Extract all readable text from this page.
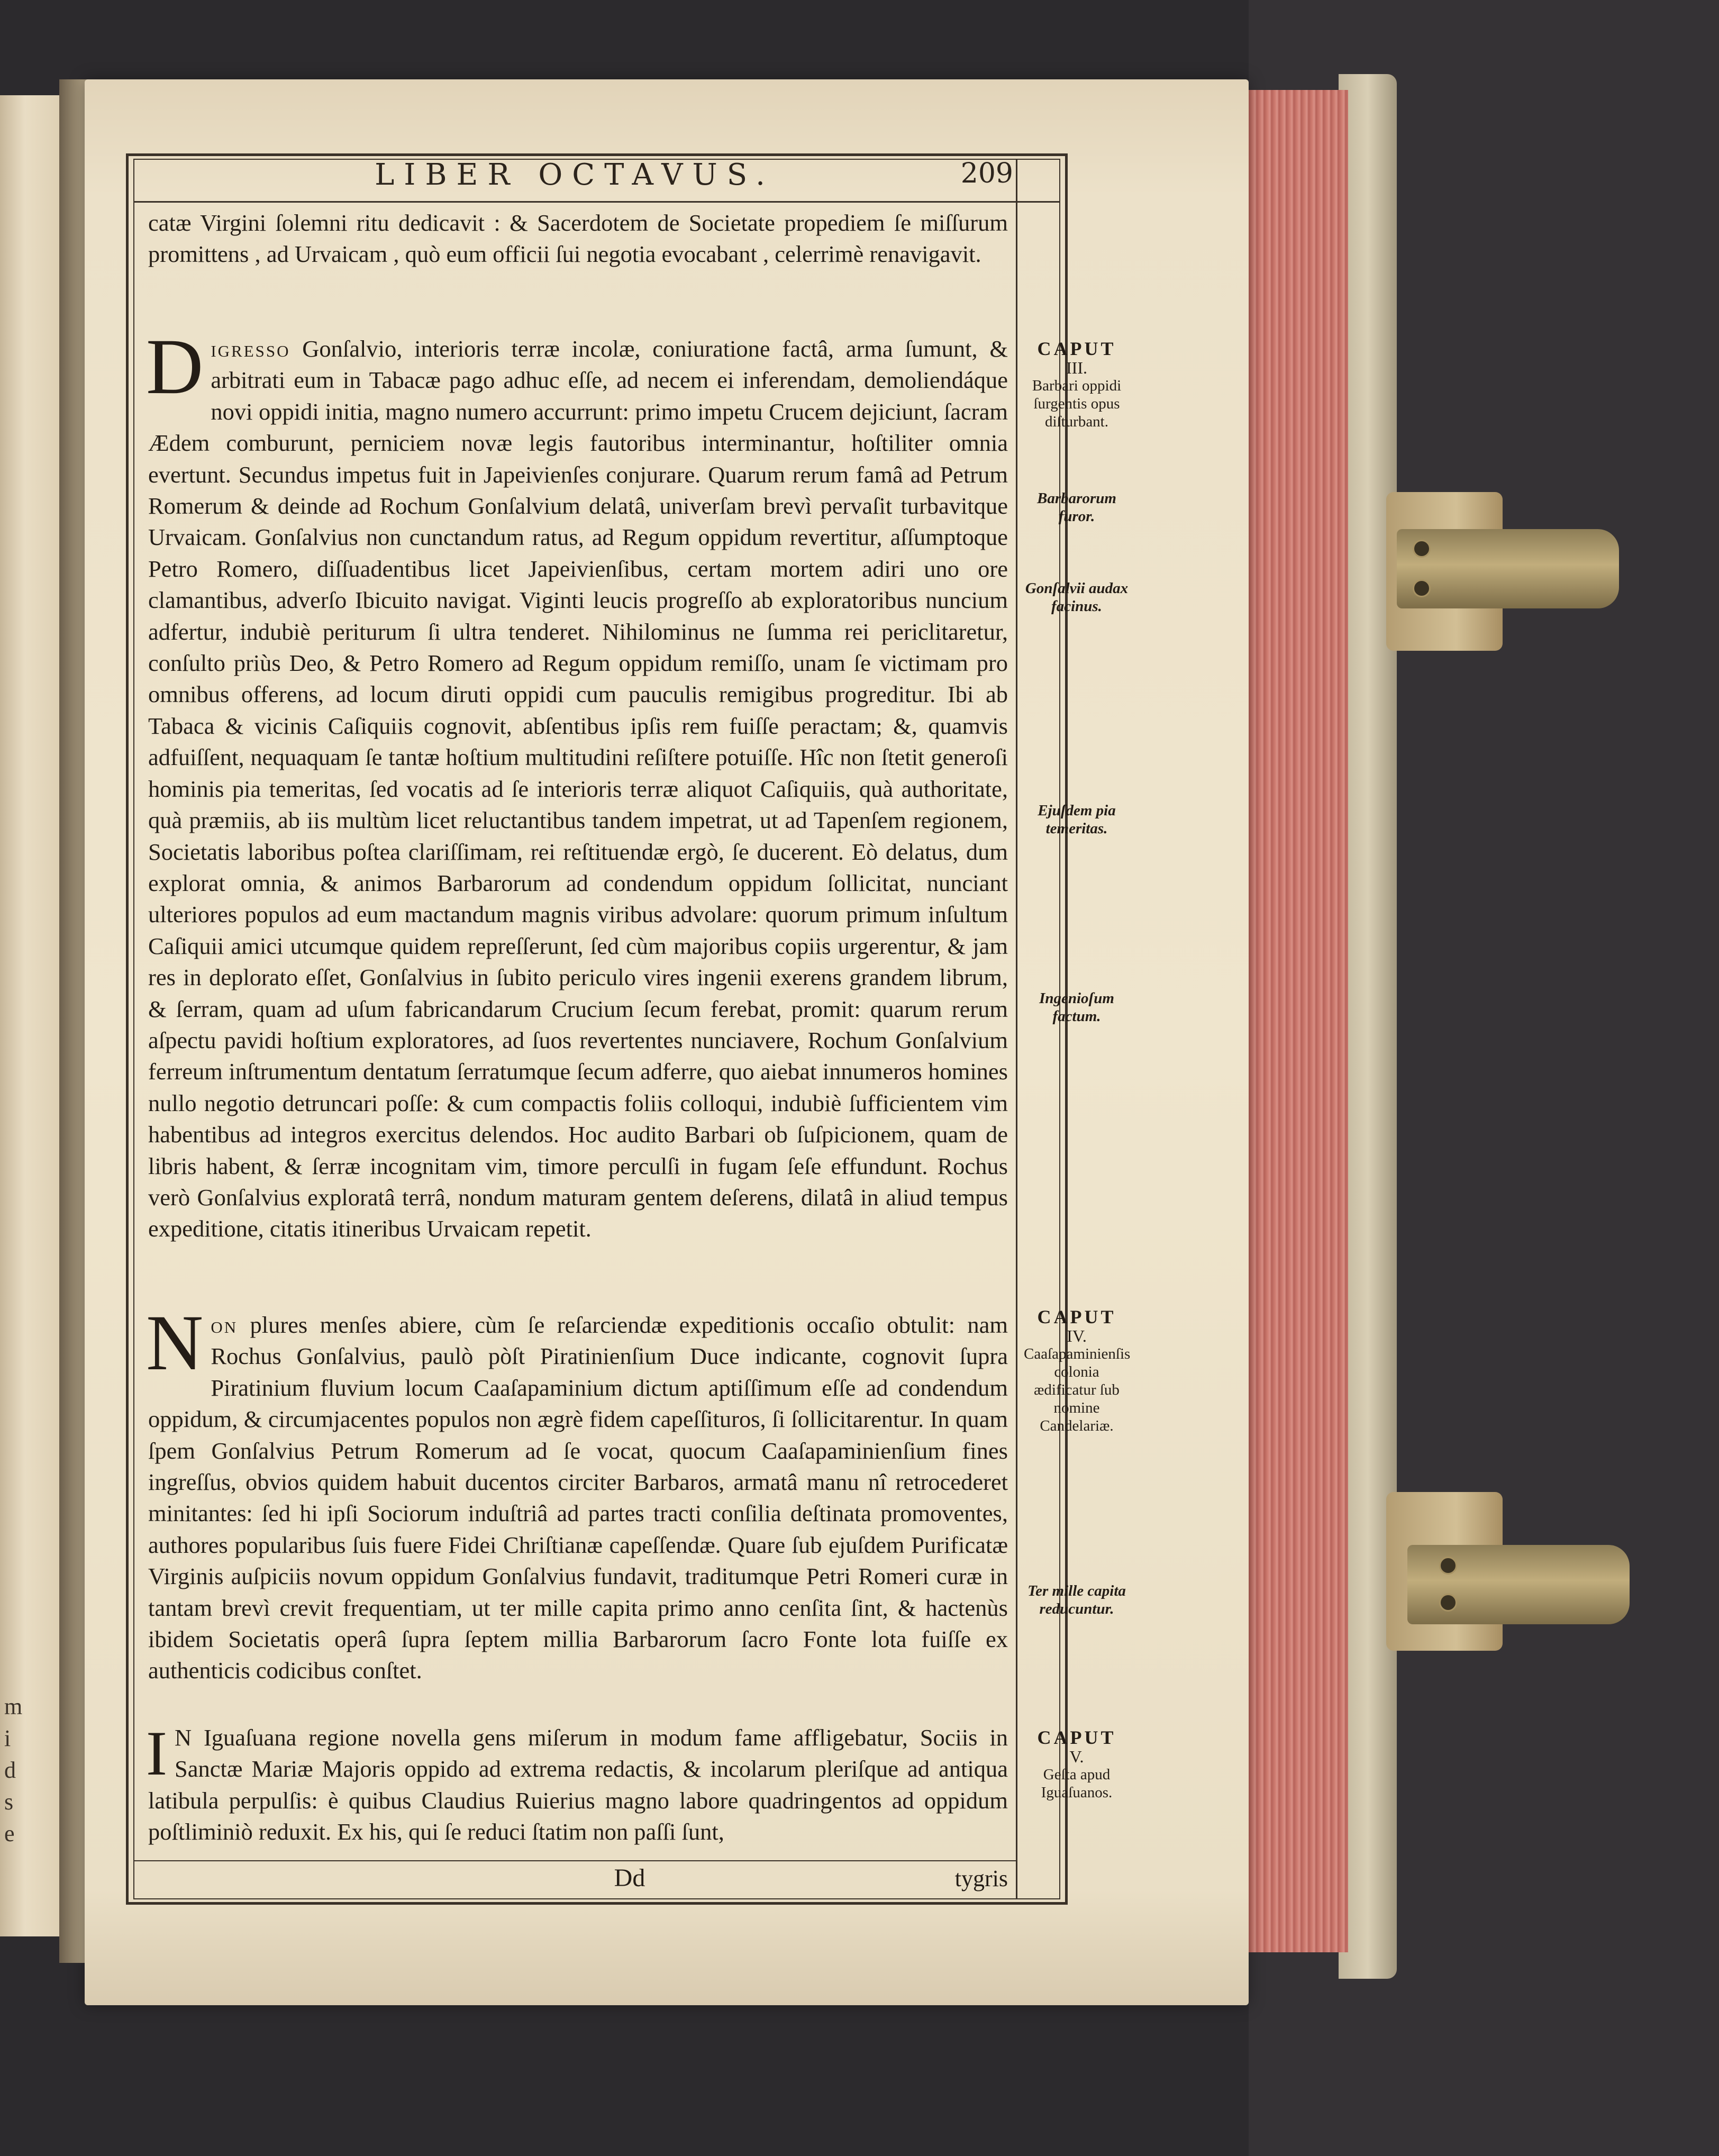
m
i
d
s
e
LIBER OCTAVUS.	209

catæ Virgini ſolemni ritu dedicavit : & Sacerdotem de Societate propediem ſe miſſurum promittens , ad Urvaicam , quò eum officii ſui negotia evocabant , celerrimè renavigavit.

Digresso Gonſalvio, interioris terræ incolæ, coniuratione factâ, arma ſumunt, & arbitrati eum in Tabacæ pago adhuc eſſe, ad necem ei inferendam, demoliendáque novi oppidi initia, magno numero accurrunt: primo impetu Crucem dejiciunt, ſacram Ædem comburunt, perniciem novæ legis fautoribus interminantur, hoſtiliter omnia evertunt. Secundus impetus fuit in Japeivienſes conjurare. Quarum rerum famâ ad Petrum Romerum & deinde ad Rochum Gonſalvium delatâ, univerſam brevì pervaſit turbavitque Urvaicam. Gonſalvius non cunctandum ratus, ad Regum oppidum revertitur, aſſumptoque Petro Romero, diſſuadentibus licet Japeivienſibus, certam mortem adiri uno ore clamantibus, adverſo Ibicuito navigat. Viginti leucis progreſſo ab exploratoribus nuncium adfertur, indubiè periturum ſi ultra tenderet. Nihilominus ne ſumma rei periclitaretur, conſulto priùs Deo, & Petro Romero ad Regum oppidum remiſſo, unam ſe victimam pro omnibus offerens, ad locum diruti oppidi cum pauculis remigibus progreditur. Ibi ab Tabaca & vicinis Caſiquiis cognovit, abſentibus ipſis rem fuiſſe peractam; &, quamvis adfuiſſent, nequaquam ſe tantæ hoſtium multitudini reſiſtere potuiſſe. Hîc non ſtetit generoſi hominis pia temeritas, ſed vocatis ad ſe interioris terræ aliquot Caſiquiis, quà authoritate, quà præmiis, ab iis multùm licet reluctantibus tandem impetrat, ut ad Tapenſem regionem, Societatis laboribus poſtea clariſſimam, rei reſtituendæ ergò, ſe ducerent. Eò delatus, dum explorat omnia, & animos Barbarorum ad condendum oppidum ſollicitat, nunciant ulteriores populos ad eum mactandum magnis viribus advolare: quorum primum inſultum Caſiquii amici utcumque quidem repreſſerunt, ſed cùm majoribus copiis urgerentur, & jam res in deplorato eſſet, Gonſalvius in ſubito periculo vires ingenii exerens grandem librum, & ſerram, quam ad uſum fabricandarum Crucium ſecum ferebat, promit: quarum rerum aſpectu pavidi hoſtium exploratores, ad ſuos revertentes nunciavere, Rochum Gonſalvium ferreum inſtrumentum dentatum ſerratumque ſecum adferre, quo aiebat innumeros homines nullo negotio detruncari poſſe: & cum compactis foliis colloqui, indubiè ſufficientem vim habentibus ad integros exercitus delendos. Hoc audito Barbari ob ſuſpicionem, quam de libris habent, & ſerræ incognitam vim, timore perculſi in fugam ſeſe effundunt. Rochus verò Gonſalvius exploratâ terrâ, nondum maturam gentem deſerens, dilatâ in aliud tempus expeditione, citatis itineribus Urvaicam repetit.

Non plures menſes abiere, cùm ſe reſarciendæ expeditionis occaſio obtulit: nam Rochus Gonſalvius, paulò pòſt Piratinienſium Duce indicante, cognovit ſupra Piratinium fluvium locum Caaſapaminium dictum aptiſſimum eſſe ad condendum oppidum, & circumjacentes populos non ægrè fidem capeſſituros, ſi ſollicitarentur. In quam ſpem Gonſalvius Petrum Romerum ad ſe vocat, quocum Caaſapaminienſium fines ingreſſus, obvios quidem habuit ducentos circiter Barbaros, armatâ manu nî retrocederet minitantes: ſed hi ipſi Sociorum induſtriâ ad partes tracti conſilia deſtinata promoventes, authores popularibus ſuis fuere Fidei Chriſtianæ capeſſendæ. Quare ſub ejuſdem Purificatæ Virginis auſpiciis novum oppidum Gonſalvius fundavit, traditumque Petri Romeri curæ in tantam brevì crevit frequentiam, ut ter mille capita primo anno cenſita ſint, & hactenùs ibidem Societatis operâ ſupra ſeptem millia Barbarorum ſacro Fonte lota fuiſſe ex authenticis codicibus conſtet.

I N Iguaſuana regione novella gens miſerum in modum fame affligebatur, Sociis in Sanctæ Mariæ Majoris oppido ad extrema redactis, & incolarum pleriſque ad antiqua latibula perpulſis: è quibus Claudius Ruierius magno labore quadringentos ad oppidum poſtliminiò reduxit. Ex his, qui ſe reduci ſtatim non paſſi ſunt,

CAPUT
III.
Barbari oppidi ſurgentis opus diſturbant.
Barbarorum furor.
Gonſalvii audax facinus.
Ejuſdem pia temeritas.
Ingenioſum factum.
CAPUT
IV.
Caaſapaminienſis colonia ædificatur ſub nomine Candelariæ.
Ter mille capita reducuntur.
CAPUT
V.
Geſta apud Iguaſuanos.
Dd	tygris
